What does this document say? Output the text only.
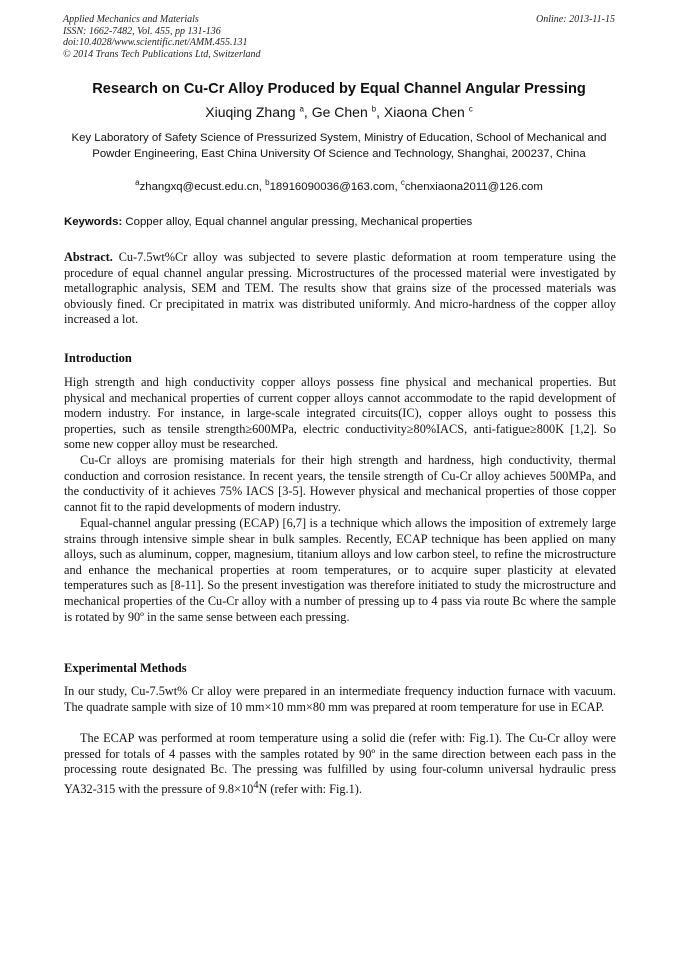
Applied Mechanics and Materials
ISSN: 1662-7482, Vol. 455, pp 131-136
doi:10.4028/www.scientific.net/AMM.455.131
© 2014 Trans Tech Publications Ltd, Switzerland
Online: 2013-11-15
Research on Cu-Cr Alloy Produced by Equal Channel Angular Pressing
Xiuqing Zhang $^a$, Ge Chen $^b$, Xiaona Chen $^c$
Key Laboratory of Safety Science of Pressurized System, Ministry of Education, School of Mechanical and Powder Engineering, East China University Of Science and Technology, Shanghai, 200237, China
$^a$zhangxq@ecust.edu.cn, $^b$18916090036@163.com, $^c$chenxiaona2011@126.com
Keywords: Copper alloy, Equal channel angular pressing, Mechanical properties
Abstract. Cu-7.5wt%Cr alloy was subjected to severe plastic deformation at room temperature using the procedure of equal channel angular pressing. Microstructures of the processed material were investigated by metallographic analysis, SEM and TEM. The results show that grains size of the processed materials was obviously fined. Cr precipitated in matrix was distributed uniformly. And micro-hardness of the copper alloy increased a lot.
Introduction
High strength and high conductivity copper alloys possess fine physical and mechanical properties. But physical and mechanical properties of current copper alloys cannot accommodate to the rapid development of modern industry. For instance, in large-scale integrated circuits(IC), copper alloys ought to possess this properties, such as tensile strength≥600MPa, electric conductivity≥80%IACS, anti-fatigue≥800K [1,2]. So some new copper alloy must be researched.
Cu-Cr alloys are promising materials for their high strength and hardness, high conductivity, thermal conduction and corrosion resistance. In recent years, the tensile strength of Cu-Cr alloy achieves 500MPa, and the conductivity of it achieves 75% IACS [3-5]. However physical and mechanical properties of those copper cannot fit to the rapid developments of modern industry.
Equal-channel angular pressing (ECAP) [6,7] is a technique which allows the imposition of extremely large strains through intensive simple shear in bulk samples. Recently, ECAP technique has been applied on many alloys, such as aluminum, copper, magnesium, titanium alloys and low carbon steel, to refine the microstructure and enhance the mechanical properties at room temperatures, or to acquire super plasticity at elevated temperatures such as [8-11]. So the present investigation was therefore initiated to study the microstructure and mechanical properties of the Cu-Cr alloy with a number of pressing up to 4 pass via route Bc where the sample is rotated by 90º in the same sense between each pressing.
Experimental Methods
In our study, Cu-7.5wt% Cr alloy were prepared in an intermediate frequency induction furnace with vacuum. The quadrate sample with size of 10 mm×10 mm×80 mm was prepared at room temperature for use in ECAP.
The ECAP was performed at room temperature using a solid die (refer with: Fig.1). The Cu-Cr alloy were pressed for totals of 4 passes with the samples rotated by 90º in the same direction between each pass in the processing route designated Bc. The pressing was fulfilled by using four-column universal hydraulic press YA32-315 with the pressure of $9.8\times 10^4N$ (refer with: Fig.1).
